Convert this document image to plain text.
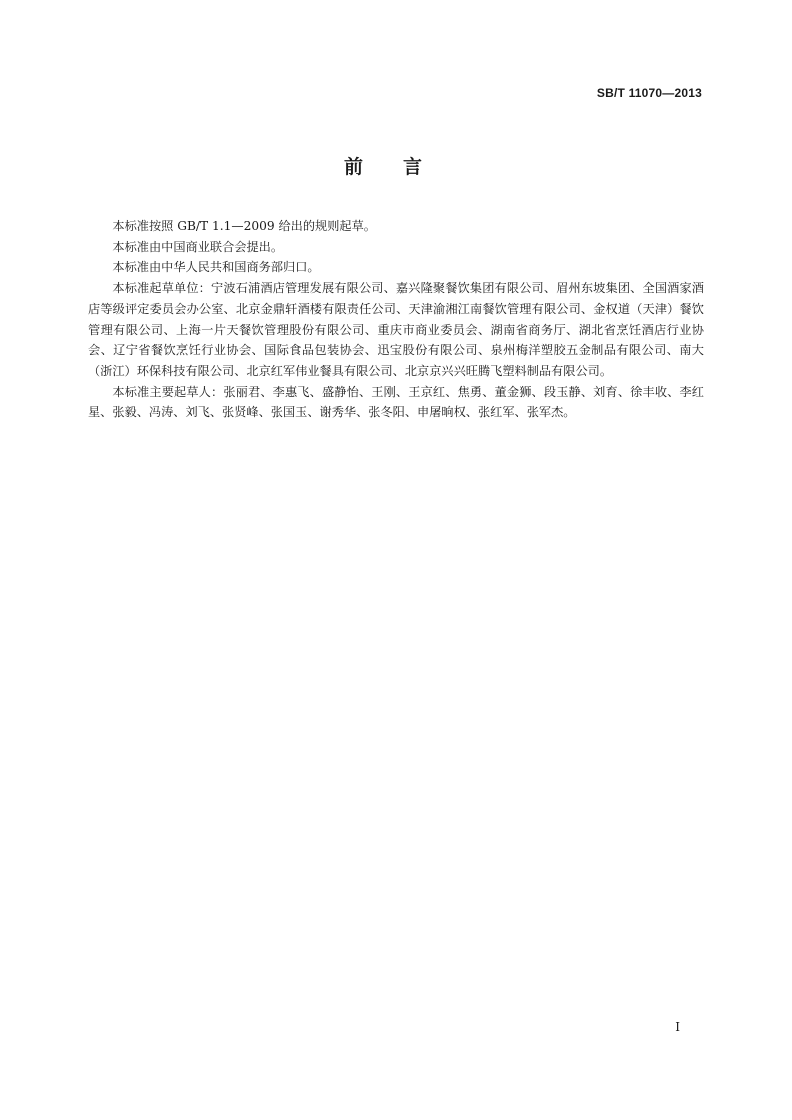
SB/T 11070—2013
前言

本标准按照 GB/T 1.1—2009 给出的规则起草。

本标准由中国商业联合会提出。

本标准由中华人民共和国商务部归口。

本标准起草单位：宁波石浦酒店管理发展有限公司、嘉兴隆聚餐饮集团有限公司、眉州东坡集团、全国酒家酒店等级评定委员会办公室、北京金鼎轩酒楼有限责任公司、天津渝湘江南餐饮管理有限公司、金权道（天津）餐饮管理有限公司、上海一片天餐饮管理股份有限公司、重庆市商业委员会、湖南省商务厅、湖北省烹饪酒店行业协会、辽宁省餐饮烹饪行业协会、国际食品包装协会、迅宝股份有限公司、泉州梅洋塑胶五金制品有限公司、南大（浙江）环保科技有限公司、北京红军伟业餐具有限公司、北京京兴兴旺腾飞塑料制品有限公司。

本标准主要起草人：张丽君、李惠飞、盛静怡、王刚、王京红、焦勇、董金狮、段玉静、刘育、徐丰收、李红星、张毅、冯涛、刘飞、张贤峰、张国玉、谢秀华、张冬阳、申屠晌权、张红军、张军杰。

I
